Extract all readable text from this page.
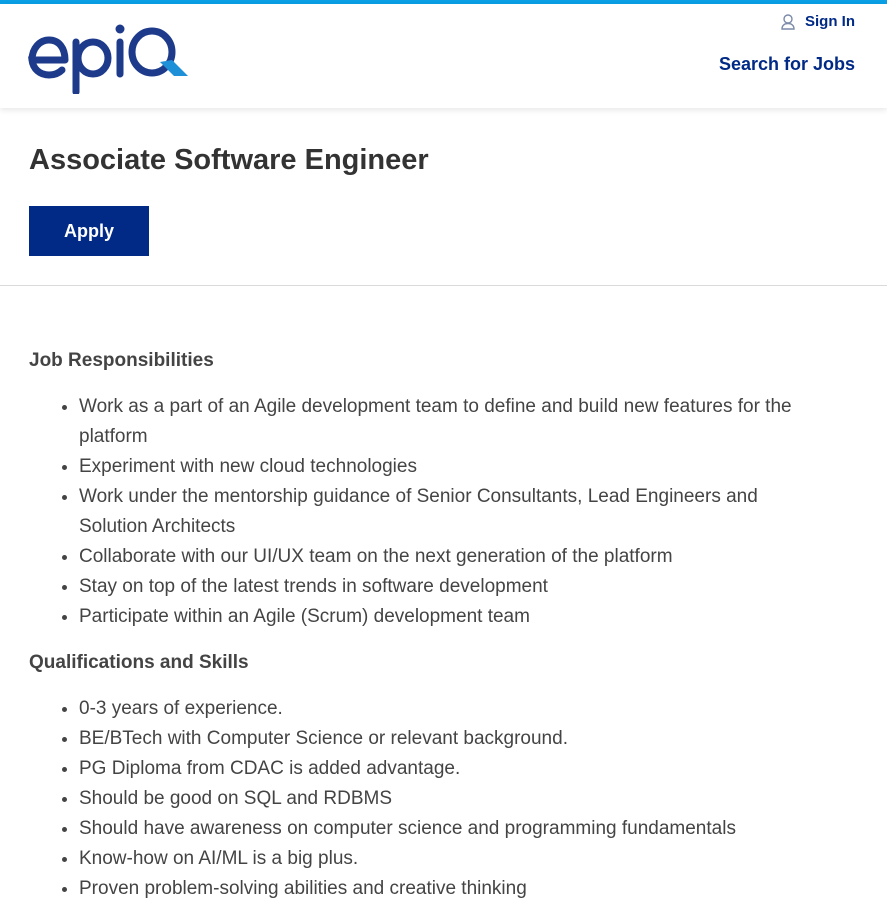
Sign In
Search for Jobs
Associate Software Engineer
Apply
Job Responsibilities
• Work as a part of an Agile development team to define and build new features for the platform
• Experiment with new cloud technologies
• Work under the mentorship guidance of Senior Consultants, Lead Engineers and Solution Architects
• Collaborate with our UI/UX team on the next generation of the platform
• Stay on top of the latest trends in software development
• Participate within an Agile (Scrum) development team
Qualifications and Skills
• 0-3 years of experience.
• BE/BTech with Computer Science or relevant background.
• PG Diploma from CDAC is added advantage.
• Should be good on SQL and RDBMS
• Should have awareness on computer science and programming fundamentals
• Know-how on AI/ML is a big plus.
• Proven problem-solving abilities and creative thinking
